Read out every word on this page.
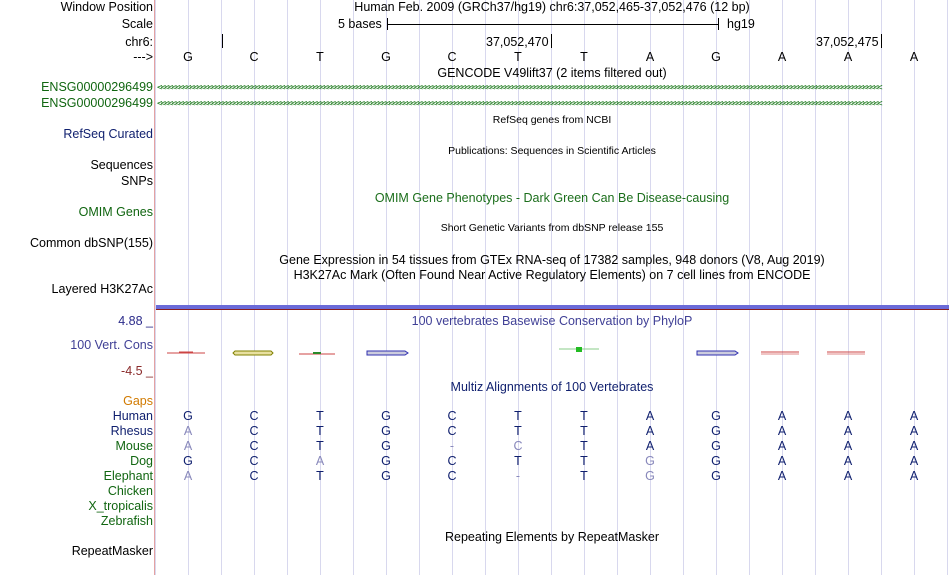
Window Position	Human Feb. 2009 (GRCh37/hg19) chr6:37,052,465-37,052,476 (12 bp)
Scale	5 bases	hg19
chr6:	37,052,470	37,052,475
--->	G	C	T	G	C	T	T	A	G	A	A	A
GENCODE V49lift37 (2 items filtered out)
ENSG00000296499 <<<<<<<<<<<<<<<<<<<<<<<<<<<<<<<<<<<<<<<<<<<<<<<<<<<<<<<<<<<<<<<<<<<<<<<<<<<<<<<<<<<<<<<<<<<<<<<<<<<<<<<<<<<<<<<<<<<<<<<<<<<<<<<<<<<<<<<<<<<<<<<<<<<<<<<<<<<<<<<<<<<<<<<<<<<<<<<<<<<<<<<<<<<<<<<<<<<<<<<<
ENSG00000296499 <<<<<<<<<<<<<<<<<<<<<<<<<<<<<<<<<<<<<<<<<<<<<<<<<<<<<<<<<<<<<<<<<<<<<<<<<<<<<<<<<<<<<<<<<<<<<<<<<<<<<<<<<<<<<<<<<<<<<<<<<<<<<<<<<<<<<<<<<<<<<<<<<<<<<<<<<<<<<<<<<<<<<<<<<<<<<<<<<<<<<<<<<<<<<<<<<<<<<<<<
RefSeq genes from NCBI
RefSeq Curated
Publications: Sequences in Scientific Articles
Sequences
SNPs
OMIM Gene Phenotypes - Dark Green Can Be Disease-causing
OMIM Genes
Short Genetic Variants from dbSNP release 155
Common dbSNP(155)
Gene Expression in 54 tissues from GTEx RNA-seq of 17382 samples, 948 donors (V8, Aug 2019)
H3K27Ac Mark (Often Found Near Active Regulatory Elements) on 7 cell lines from ENCODE
Layered H3K27Ac
4.88 _	100 vertebrates Basewise Conservation by PhyloP
100 Vert. Cons
-4.5 _
Multiz Alignments of 100 Vertebrates
Gaps
Human	G	C	T	G	C	T	T	A	G	A	A	A
Rhesus	A	C	T	G	C	T	T	A	G	A	A	A
Mouse	A	C	T	G	-	C	T	A	G	A	A	A
Dog	G	C	A	G	C	T	T	G	G	A	A	A
Elephant	A	C	T	G	C	-	T	G	G	A	A	A
Chicken
X_tropicalis
Zebrafish
Repeating Elements by RepeatMasker
RepeatMasker
